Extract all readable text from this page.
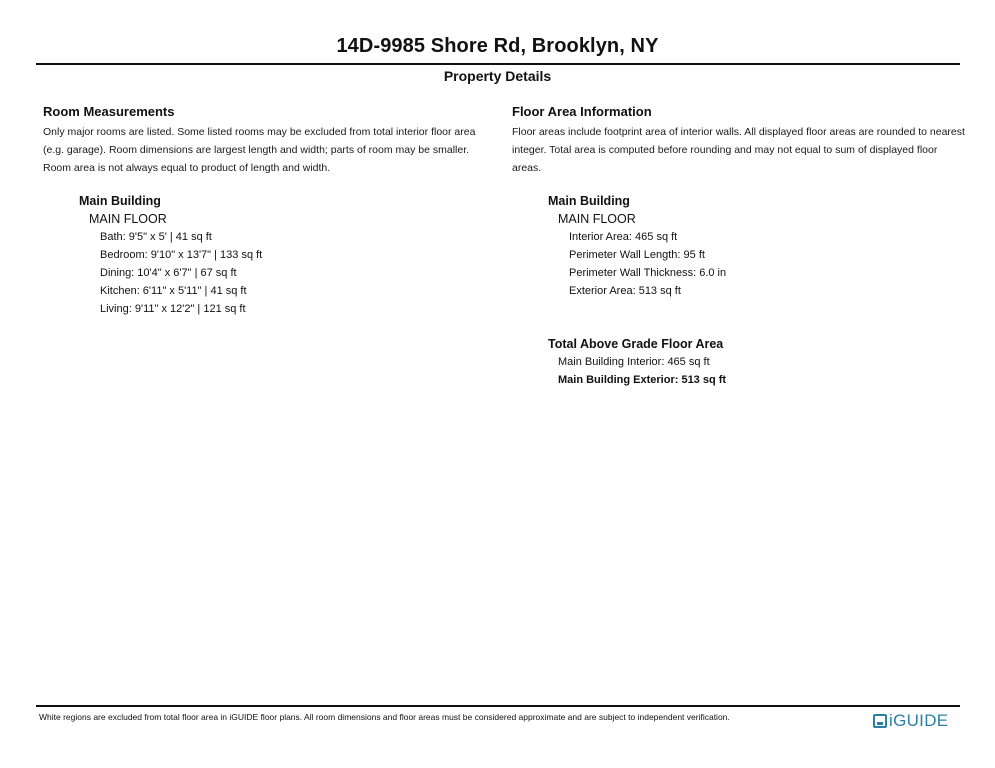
14D-9985 Shore Rd, Brooklyn, NY
Property Details
Room Measurements

Only major rooms are listed. Some listed rooms may be excluded from total interior floor area (e.g. garage). Room dimensions are largest length and width; parts of room may be smaller. Room area is not always equal to product of length and width.

Main Building
MAIN FLOOR
Bath: 9'5" x 5' | 41 sq ft
Bedroom: 9'10" x 13'7" | 133 sq ft
Dining: 10'4" x 6'7" | 67 sq ft
Kitchen: 6'11" x 5'11" | 41 sq ft
Living: 9'11" x 12'2" | 121 sq ft
Floor Area Information

Floor areas include footprint area of interior walls. All displayed floor areas are rounded to nearest integer. Total area is computed before rounding and may not equal to sum of displayed floor areas.

Main Building
MAIN FLOOR
Interior Area: 465 sq ft
Perimeter Wall Length: 95 ft
Perimeter Wall Thickness: 6.0 in
Exterior Area: 513 sq ft
Total Above Grade Floor Area
Main Building Interior: 465 sq ft
Main Building Exterior: 513 sq ft
White regions are excluded from total floor area in iGUIDE floor plans. All room dimensions and floor areas must be considered approximate and are subject to independent verification.	iGUIDE
